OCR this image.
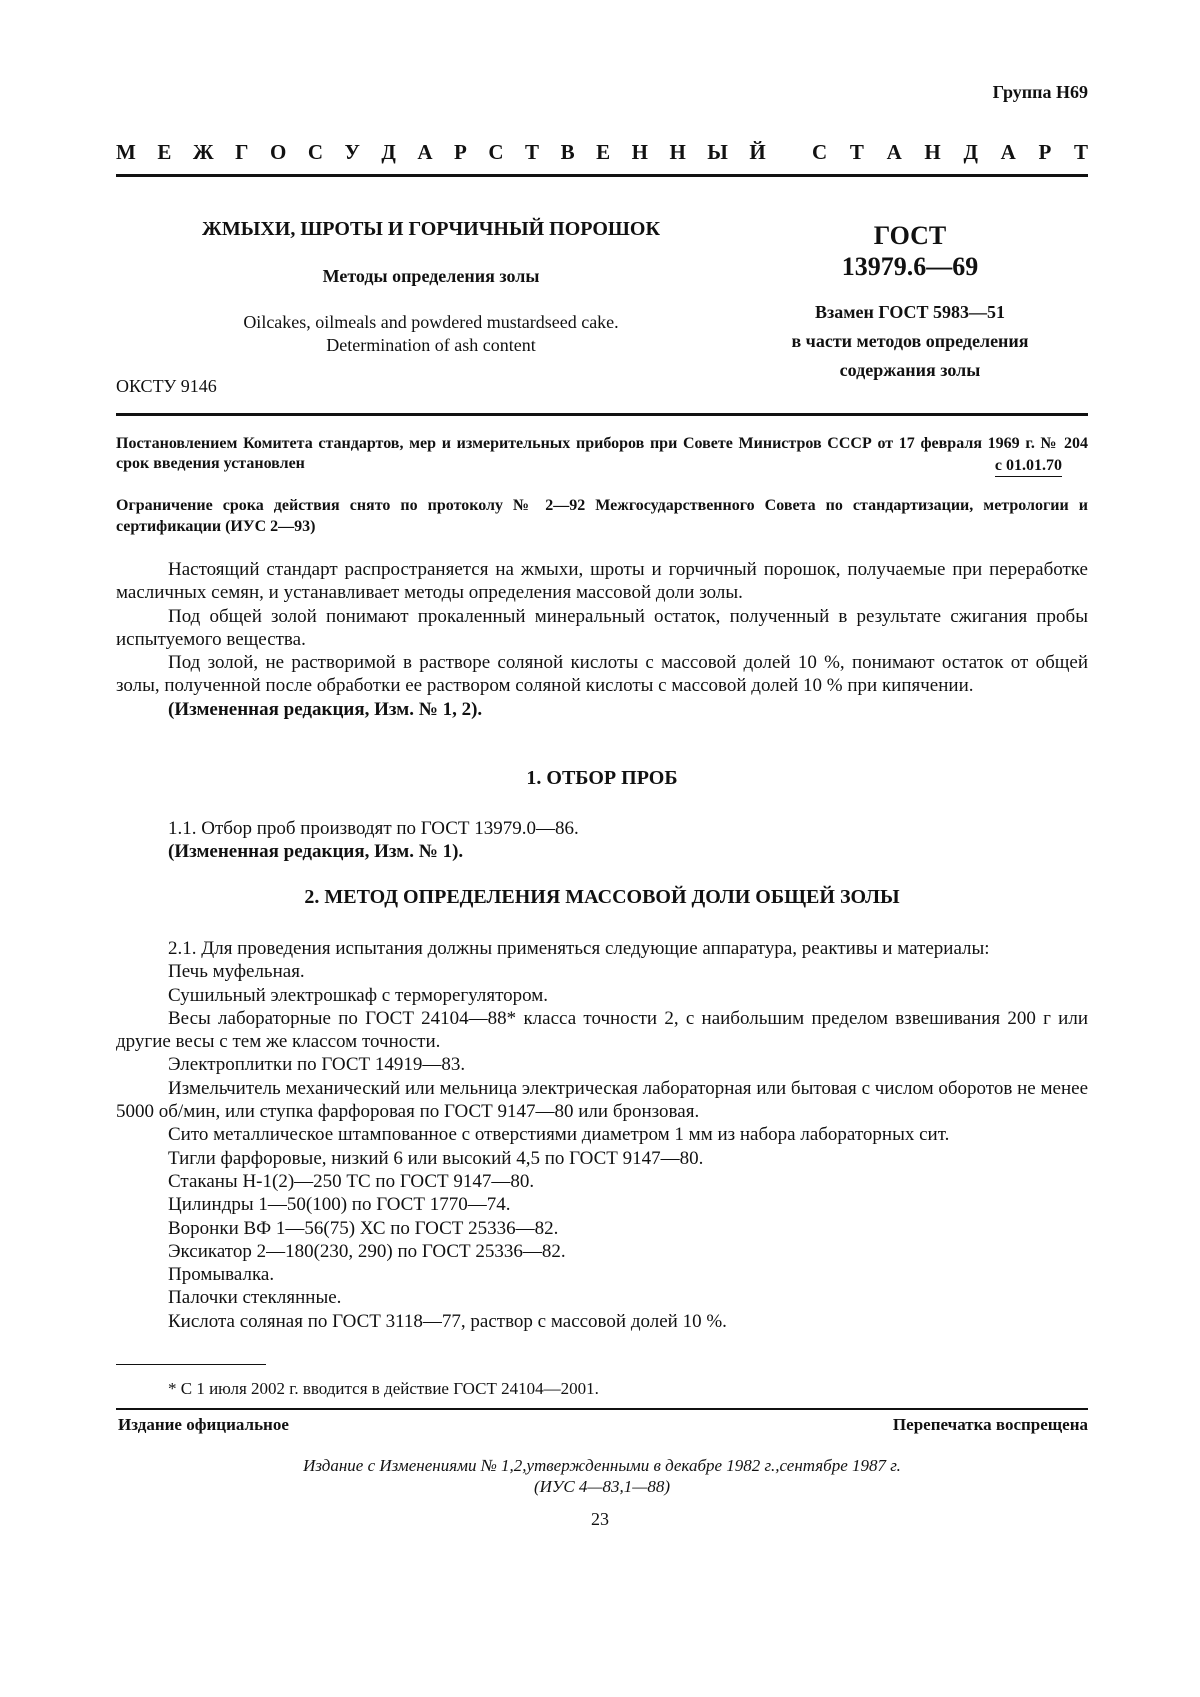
Группа Н69
М Е Ж Г О С У Д А Р С Т В Е Н Н Ы Й С Т А Н Д А Р Т
ЖМЫХИ, ШРОТЫ И ГОРЧИЧНЫЙ ПОРОШОК
Методы определения золы
Oilcakes, oilmeals and powdered mustardseed cake.
Determination of ash content
ОКСТУ 9146
ГОСТ
13979.6—69
Взамен ГОСТ 5983—51
в части методов определения
содержания золы
Постановлением Комитета стандартов, мер и измерительных приборов при Совете Министров СССР от 17 февраля 1969 г. № 204 срок введения установлен	с 01.01.70
Ограничение срока действия снято по протоколу № 2—92 Межгосударственного Совета по стандартизации, метрологии и сертификации (ИУС 2—93)

Настоящий стандарт распространяется на жмыхи, шроты и горчичный порошок, получаемые при переработке масличных семян, и устанавливает методы определения массовой доли золы.

Под общей золой понимают прокаленный минеральный остаток, полученный в результате сжигания пробы испытуемого вещества.

Под золой, не растворимой в растворе соляной кислоты с массовой долей 10 %, понимают остаток от общей золы, полученной после обработки ее раствором соляной кислоты с массовой долей 10 % при кипячении.

(Измененная редакция, Изм. № 1, 2).

1. ОТБОР ПРОБ

1.1. Отбор проб производят по ГОСТ 13979.0—86.

(Измененная редакция, Изм. № 1).

2. МЕТОД ОПРЕДЕЛЕНИЯ МАССОВОЙ ДОЛИ ОБЩЕЙ ЗОЛЫ

2.1. Для проведения испытания должны применяться следующие аппаратура, реактивы и материалы:

Печь муфельная.

Сушильный электрошкаф с терморегулятором.

Весы лабораторные по ГОСТ 24104—88* класса точности 2, с наибольшим пределом взвешивания 200 г или другие весы с тем же классом точности.

Электроплитки по ГОСТ 14919—83.

Измельчитель механический или мельница электрическая лабораторная или бытовая с числом оборотов не менее 5000 об/мин, или ступка фарфоровая по ГОСТ 9147—80 или бронзовая.

Сито металлическое штампованное с отверстиями диаметром 1 мм из набора лабораторных сит.

Тигли фарфоровые, низкий 6 или высокий 4,5 по ГОСТ 9147—80.

Стаканы Н-1(2)—250 ТС по ГОСТ 9147—80.

Цилиндры 1—50(100) по ГОСТ 1770—74.

Воронки ВФ 1—56(75) ХС по ГОСТ 25336—82.

Эксикатор 2—180(230, 290) по ГОСТ 25336—82.

Промывалка.

Палочки стеклянные.

Кислота соляная по ГОСТ 3118—77, раствор с массовой долей 10 %.

* С 1 июля 2002 г. вводится в действие ГОСТ 24104—2001.
Издание официальное	Перепечатка воспрещена
Издание с Изменениями № 1,2,утвержденными в декабре 1982 г.,сентябре 1987 г.
(ИУС 4—83,1—88)
23
